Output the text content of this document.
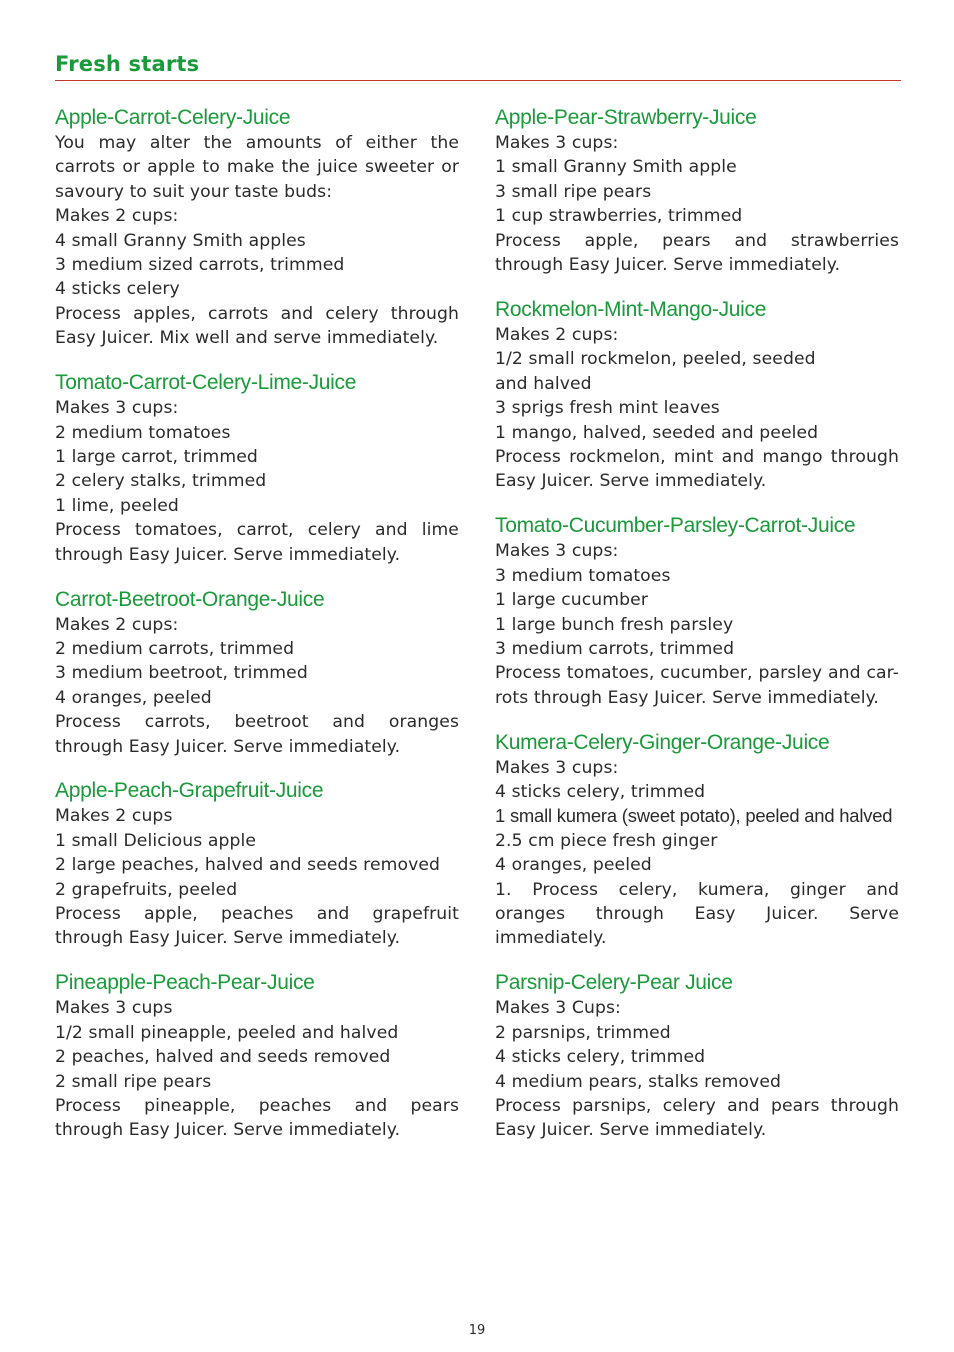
Fresh starts
Apple-Carrot-Celery-Juice

You may alter the amounts of either the carrots or apple to make the juice sweeter or savoury to suit your taste buds:

Makes 2 cups:
4 small Granny Smith apples
3 medium sized carrots, trimmed
4 sticks celery

Process apples, carrots and celery through Easy Juicer. Mix well and serve immediately.

Tomato-Carrot-Celery-Lime-Juice
Makes 3 cups:
2 medium tomatoes
1 large carrot, trimmed
2 celery stalks, trimmed
1 lime, peeled

Process tomatoes, carrot, celery and lime through Easy Juicer. Serve immediately.

Carrot-Beetroot-Orange-Juice
Makes 2 cups:
2 medium carrots, trimmed
3 medium beetroot, trimmed
4 oranges, peeled

Process carrots, beetroot and oranges through Easy Juicer. Serve immediately.

Apple-Peach-Grapefruit-Juice
Makes 2 cups
1 small Delicious apple
2 large peaches, halved and seeds removed
2 grapefruits, peeled

Process apple, peaches and grapefruit through Easy Juicer. Serve immediately.

Pineapple-Peach-Pear-Juice
Makes 3 cups
1/2 small pineapple, peeled and halved
2 peaches, halved and seeds removed
2 small ripe pears

Process pineapple, peaches and pears through Easy Juicer. Serve immediately.

Apple-Pear-Strawberry-Juice
Makes 3 cups:
1 small Granny Smith apple
3 small ripe pears
1 cup strawberries, trimmed

Process apple, pears and strawberries through Easy Juicer. Serve immediately.

Rockmelon-Mint-Mango-Juice
Makes 2 cups:
1/2 small rockmelon, peeled, seeded
and halved
3 sprigs fresh mint leaves
1 mango, halved, seeded and peeled

Process rockmelon, mint and mango through Easy Juicer. Serve immediately.

Tomato-Cucumber-Parsley-Carrot-Juice
Makes 3 cups:
3 medium tomatoes
1 large cucumber
1 large bunch fresh parsley
3 medium carrots, trimmed

Process tomatoes, cucumber, parsley and car-rots through Easy Juicer. Serve immediately.

Kumera-Celery-Ginger-Orange-Juice
Makes 3 cups:
4 sticks celery, trimmed
1 small kumera (sweet potato), peeled and halved
2.5 cm piece fresh ginger
4 oranges, peeled

1. Process celery, kumera, ginger and oranges through Easy Juicer. Serve immediately.

Parsnip-Celery-Pear Juice
Makes 3 Cups:
2 parsnips, trimmed
4 sticks celery, trimmed
4 medium pears, stalks removed

Process parsnips, celery and pears through Easy Juicer. Serve immediately.

19
